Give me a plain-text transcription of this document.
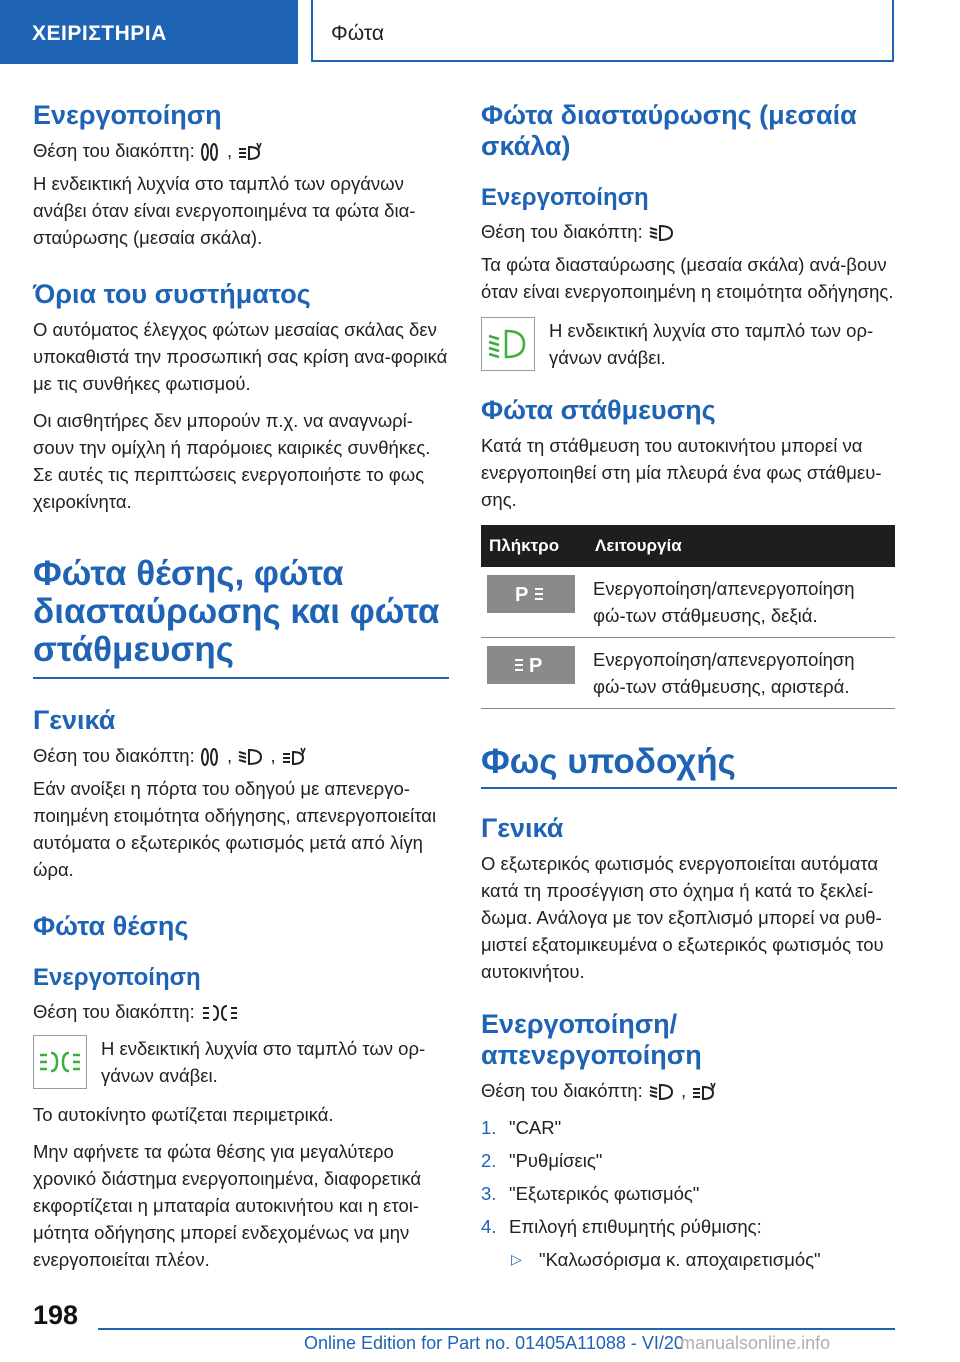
ΧΕΙΡΙΣΤΗΡΙΑ	Φώτα
Ενεργοποίηση

Θέση του διακόπτη: ,

Η ενδεικτική λυχνία στο ταμπλό των οργάνων ανάβει όταν είναι ενεργοποιημένα τα φώτα δια-σταύρωσης (μεσαία σκάλα).

Όρια του συστήματος

Ο αυτόματος έλεγχος φώτων μεσαίας σκάλας δεν υποκαθιστά την προσωπική σας κρίση ανα-φορικά με τις συνθήκες φωτισμού.

Οι αισθητήρες δεν μπορούν π.χ. να αναγνωρί-σουν την ομίχλη ή παρόμοιες καιρικές συνθήκες. Σε αυτές τις περιπτώσεις ενεργοποιήστε το φως χειροκίνητα.

Φώτα θέσης, φώτα διασταύρωσης και φώτα στάθμευσης
Γενικά

Θέση του διακόπτη: , ,

Εάν ανοίξει η πόρτα του οδηγού με απενεργο-ποιημένη ετοιμότητα οδήγησης, απενεργοποιείται αυτόματα ο εξωτερικός φωτισμός μετά από λίγη ώρα.

Φώτα θέσης
Ενεργοποίηση

Θέση του διακόπτη:

Η ενδεικτική λυχνία στο ταμπλό των ορ-γάνων ανάβει.

Το αυτοκίνητο φωτίζεται περιμετρικά.

Μην αφήνετε τα φώτα θέσης για μεγαλύτερο χρονικό διάστημα ενεργοποιημένα, διαφορετικά εκφορτίζεται η μπαταρία αυτοκινήτου και η ετοι-μότητα οδήγησης μπορεί ενδεχομένως να μην ενεργοποιείται πλέον.

Φώτα διασταύρωσης (μεσαία σκάλα)
Ενεργοποίηση

Θέση του διακόπτη:

Τα φώτα διασταύρωσης (μεσαία σκάλα) ανά-βουν όταν είναι ενεργοποιημένη η ετοιμότητα οδήγησης.

Η ενδεικτική λυχνία στο ταμπλό των ορ-γάνων ανάβει.

Φώτα στάθμευσης

Κατά τη στάθμευση του αυτοκινήτου μπορεί να ενεργοποιηθεί στη μία πλευρά ένα φως στάθμευ-σης.

Πλήκτρο	Λειτουργία

P	Ενεργοποίηση/απενεργοποίηση φώ-των στάθμευσης, δεξιά.

P	Ενεργοποίηση/απενεργοποίηση φώ-των στάθμευσης, αριστερά.
Φως υποδοχής
Γενικά

Ο εξωτερικός φωτισμός ενεργοποιείται αυτόματα κατά τη προσέγγιση στο όχημα ή κατά το ξεκλεί-δωμα. Ανάλογα με τον εξοπλισμό μπορεί να ρυθ-μιστεί εξατομικευμένα ο εξωτερικός φωτισμός του αυτοκινήτου.

Ενεργοποίηση/απενεργοποίηση

Θέση του διακόπτη: ,

1. "CAR"
2. "Ρυθμίσεις"
3. "Εξωτερικός φωτισμός"
4. Επιλογή επιθυμητής ρύθμισης:
▷ "Καλωσόρισμα κ. αποχαιρετισμός"
198
Online Edition for Part no. 01405A11088 - VI/20
manualsonline.info
